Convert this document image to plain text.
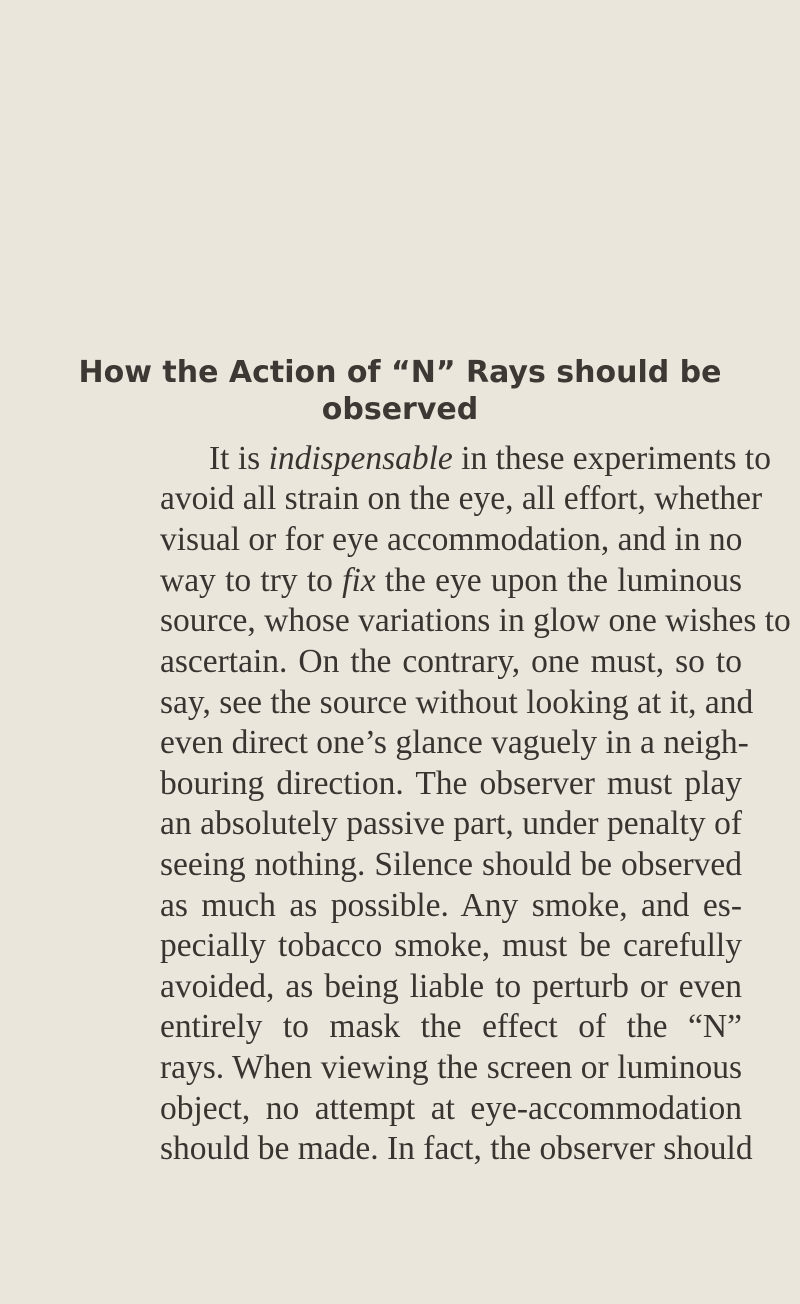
How the Action of “N” Rays should be
observed
It is indispensable in these experiments to
avoid all strain on the eye, all effort, whether
visual or for eye accommodation, and in no
way to try to fix the eye upon the luminous
source, whose variations in glow one wishes to
ascertain. On the contrary, one must, so to
say, see the source without looking at it, and
even direct one’s glance vaguely in a neigh-
bouring direction. The observer must play
an absolutely passive part, under penalty of
seeing nothing. Silence should be observed
as much as possible. Any smoke, and es-
pecially tobacco smoke, must be carefully
avoided, as being liable to perturb or even
entirely to mask the effect of the “N”
rays. When viewing the screen or luminous
object, no attempt at eye-accommodation
should be made. In fact, the observer should
